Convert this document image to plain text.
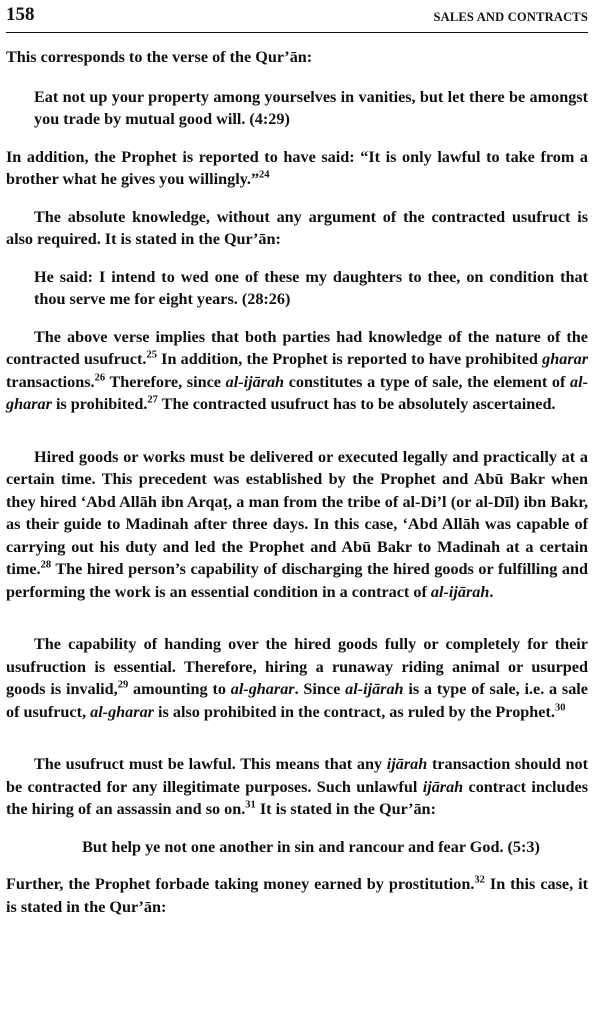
158	SALES AND CONTRACTS

This corresponds to the verse of the Qur’ān:

Eat not up your property among yourselves in vanities, but let there be amongst you trade by mutual good will. (4:29)

In addition, the Prophet is reported to have said: “It is only lawful to take from a brother what he gives you willingly.”$^{24}$

The absolute knowledge, without any argument of the contracted usufruct is also required. It is stated in the Qur’ān:

He said: I intend to wed one of these my daughters to thee, on condition that thou serve me for eight years. (28:26)

The above verse implies that both parties had knowledge of the nature of the contracted usufruct.$^{25}$ In addition, the Prophet is reported to have prohibited gharar transactions.$^{26}$ Therefore, since al-ijārah constitutes a type of sale, the element of al-gharar is prohibited.$^{27}$ The contracted usufruct has to be absolutely ascertained.

Hired goods or works must be delivered or executed legally and practically at a certain time. This precedent was established by the Prophet and Abū Bakr when they hired ‘Abd Allāh ibn Arqaṭ, a man from the tribe of al-Di’l (or al-Dīl) ibn Bakr, as their guide to Madinah after three days. In this case, ‘Abd Allāh was capable of carrying out his duty and led the Prophet and Abū Bakr to Madinah at a certain time.$^{28}$ The hired person’s capability of discharging the hired goods or fulfilling and performing the work is an essential condition in a contract of al-ijārah.

The capability of handing over the hired goods fully or completely for their usufruction is essential. Therefore, hiring a runaway riding animal or usurped goods is invalid,$^{29}$ amounting to al-gharar. Since al-ijārah is a type of sale, i.e. a sale of usufruct, al-gharar is also prohibited in the contract, as ruled by the Prophet.$^{30}$

The usufruct must be lawful. This means that any ijārah transaction should not be contracted for any illegitimate purposes. Such unlawful ijārah contract includes the hiring of an assassin and so on.$^{31}$ It is stated in the Qur’ān:

But help ye not one another in sin and rancour and fear God. (5:3)

Further, the Prophet forbade taking money earned by prostitution.$^{32}$ In this case, it is stated in the Qur’ān:
